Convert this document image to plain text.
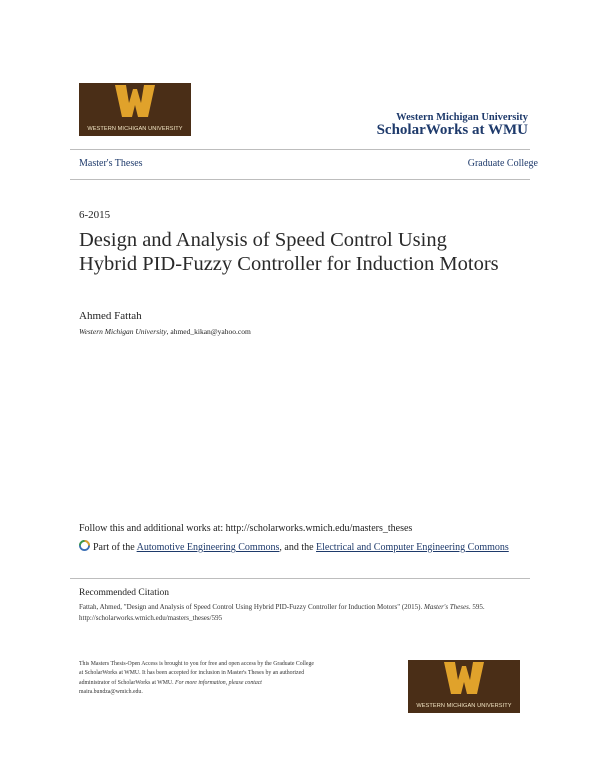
WESTERN MICHIGAN UNIVERSITY
Western Michigan University
ScholarWorks at WMU
Master's Theses	Graduate College
6-2015
Design and Analysis of Speed Control Using Hybrid PID-Fuzzy Controller for Induction Motors
Ahmed Fattah
Western Michigan University, ahmed_kikan@yahoo.com
Follow this and additional works at: http://scholarworks.wmich.edu/masters_theses
Part of the Automotive Engineering Commons, and the Electrical and Computer Engineering Commons
Recommended Citation
Fattah, Ahmed, "Design and Analysis of Speed Control Using Hybrid PID-Fuzzy Controller for Induction Motors" (2015). Master's Theses. 595.
http://scholarworks.wmich.edu/masters_theses/595
This Masters Thesis-Open Access is brought to you for free and open access by the Graduate College at ScholarWorks at WMU. It has been accepted for inclusion in Master's Theses by an authorized administrator of ScholarWorks at WMU. For more information, please contact maira.bundza@wmich.edu.
WESTERN MICHIGAN UNIVERSITY
